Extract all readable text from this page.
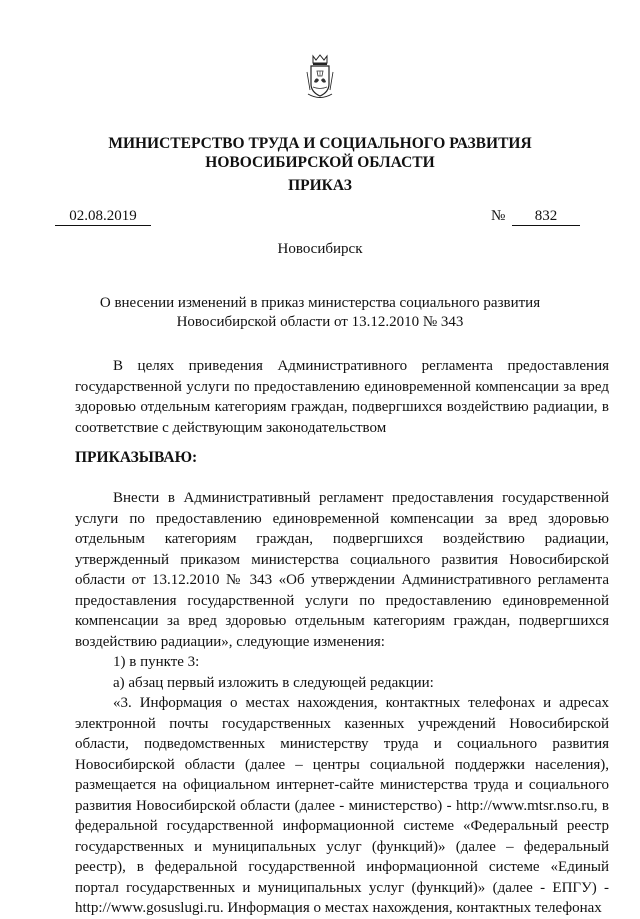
МИНИСТЕРСТВО ТРУДА И СОЦИАЛЬНОГО РАЗВИТИЯ
НОВОСИБИРСКОЙ ОБЛАСТИ
ПРИКАЗ
02.08.2019	№	832
Новосибирск
О внесении изменений в приказ министерства социального развития
Новосибирской области от 13.12.2010 № 343

В целях приведения Административного регламента предоставления государственной услуги по предоставлению единовременной компенсации за вред здоровью отдельным категориям граждан, подвергшихся воздействию радиации, в соответствие с действующим законодательством

ПРИКАЗЫВАЮ:

Внести в Административный регламент предоставления государственной услуги по предоставлению единовременной компенсации за вред здоровью отдельным категориям граждан, подвергшихся воздействию радиации, утвержденный приказом министерства социального развития Новосибирской области от 13.12.2010 № 343 «Об утверждении Административного регламента предоставления государственной услуги по предоставлению единовременной компенсации за вред здоровью отдельным категориям граждан, подвергшихся воздействию радиации», следующие изменения:

1) в пункте 3:

а) абзац первый изложить в следующей редакции:

«3. Информация о местах нахождения, контактных телефонах и адресах электронной почты государственных казенных учреждений Новосибирской области, подведомственных министерству труда и социального развития Новосибирской области (далее – центры социальной поддержки населения), размещается на официальном интернет-сайте министерства труда и социального развития Новосибирской области (далее - министерство) - http://www.mtsr.nso.ru, в федеральной государственной информационной системе «Федеральный реестр государственных и муниципальных услуг (функций)» (далее – федеральный реестр), в федеральной государственной информационной системе «Единый портал государственных и муниципальных услуг (функций)» (далее - ЕПГУ) - http://www.gosuslugi.ru. Информация о местах нахождения, контактных телефонах
